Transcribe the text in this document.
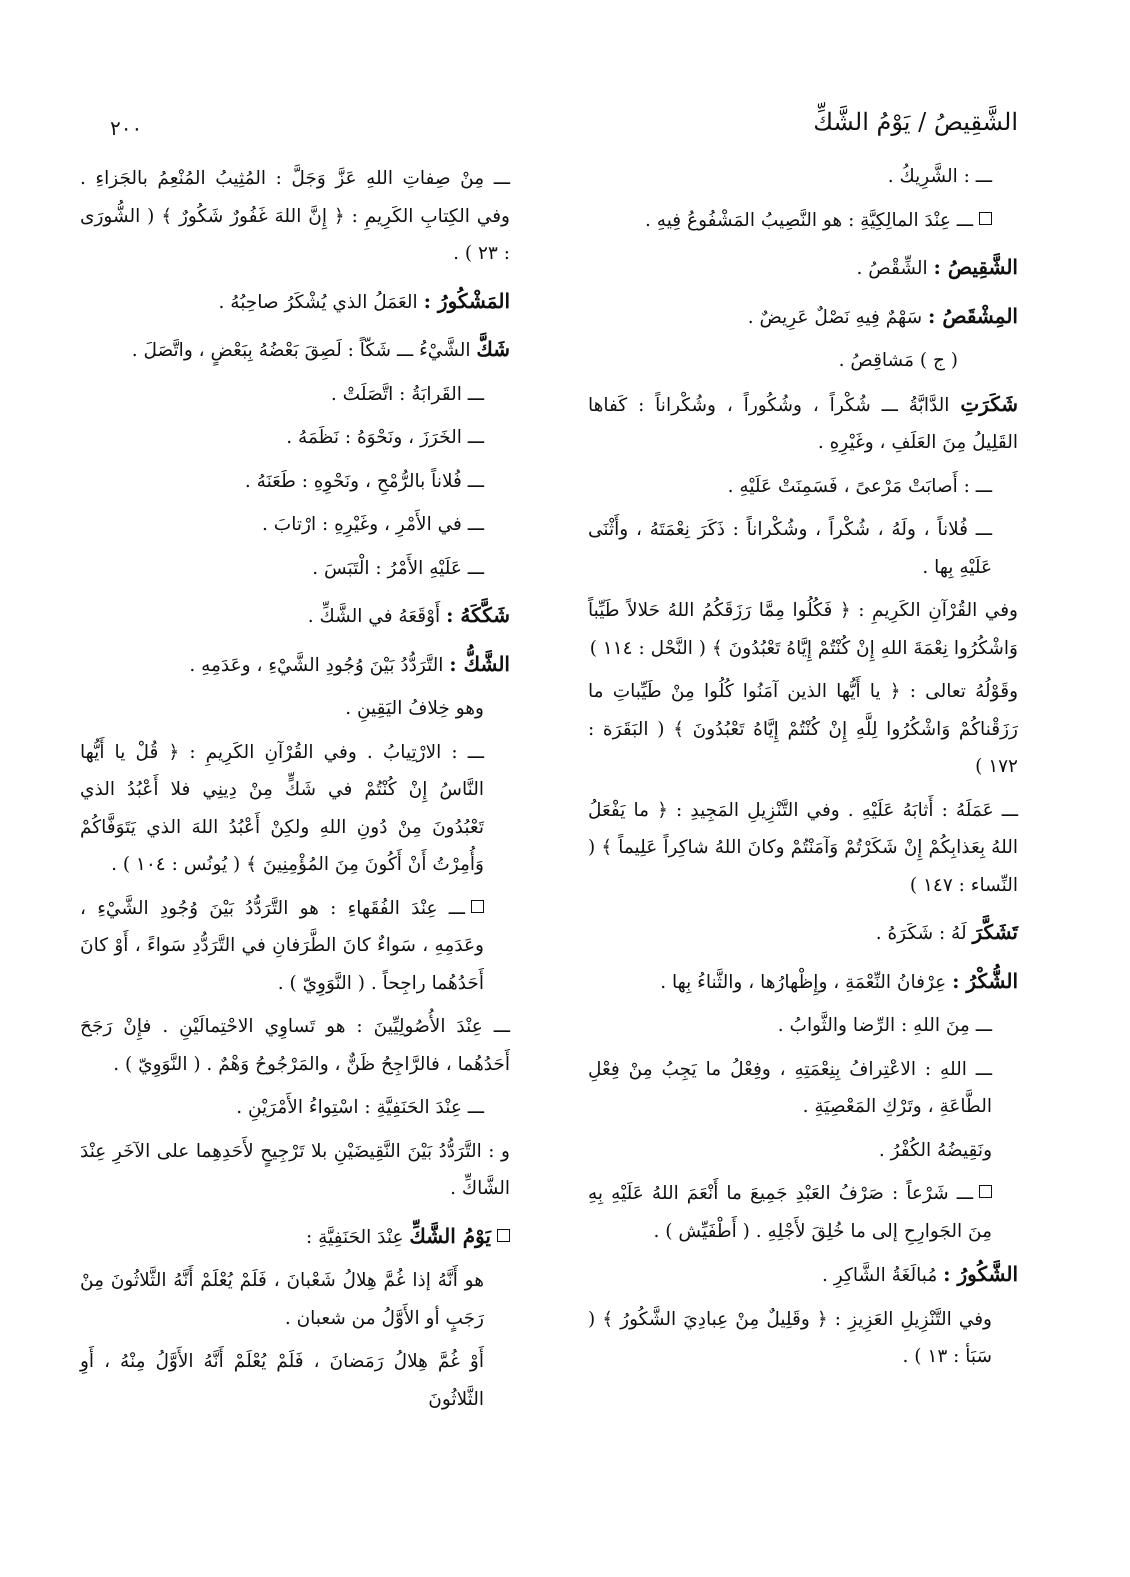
٢٠٠	الشَّقِيصُ / يَوْمُ الشَّكِّ

ـــ : الشَّرِيكُ .

ـــ عِنْدَ المالِكِيَّةِ : هو النَّصِيبُ المَشْفُوعُ فِيهِ .

الشَّقِيصُ : الشِّقْصُ .

المِشْقَصُ : سَهْمٌ فِيهِ نَصْلٌ عَرِيضٌ .

( ج ) مَشاقِصُ .

شَكَرَتِ الدَّابَّةُ ـــ شُكْراً ، وشُكُوراً ، وشُكْراناً : كَفاها القَلِيلُ مِنَ العَلَفِ ، وغَيْرِهِ .

ـــ : أَصابَتْ مَرْعىً ، فَسَمِنَتْ عَلَيْهِ .

ـــ فُلاناً ، ولَهُ ، شُكْراً ، وشُكْراناً : ذَكَرَ نِعْمَتَهُ ، وأَثْنَى عَلَيْهِ بِها .

وفي القُرْآنِ الكَرِيمِ : ﴿ فَكُلُوا مِمَّا رَزَقَكُمُ اللهُ حَلالاً طَيِّباً وَاشْكُرُوا نِعْمَةَ اللهِ إِنْ كُنْتُمْ إِيَّاهُ تَعْبُدُونَ ﴾ ( النَّحْل : ١١٤ )

وقَوْلُهُ تعالى : ﴿ يا أَيُّها الذين آمَنُوا كُلُوا مِنْ طَيِّباتِ ما رَزَقْناكُمْ وَاشْكُرُوا لِلَّهِ إِنْ كُنْتُمْ إِيَّاهُ تَعْبُدُونَ ﴾ ( البَقَرَة : ١٧٢ )

ـــ عَمَلَهُ : أَثابَهُ عَلَيْهِ . وفي التَّنْزِيلِ المَجِيدِ : ﴿ ما يَفْعَلُ اللهُ بِعَذابِكُمْ إِنْ شَكَرْتُمْ وَآمَنْتُمْ وكانَ اللهُ شاكِراً عَلِيماً ﴾ ( النِّساء : ١٤٧ )

تَشَكَّرَ لَهُ : شَكَرَهُ .

الشُّكْرُ : عِرْفانُ النِّعْمَةِ ، وإِظْهارُها ، والثَّناءُ بِها .

ـــ مِنَ اللهِ : الرِّضا والثَّوابُ .

ـــ اللهِ : الاعْتِرافُ بِنِعْمَتِهِ ، وفِعْلُ ما يَجِبُ مِنْ فِعْلِ الطَّاعَةِ ، وتَرْكِ المَعْصِيَةِ .

ونَقِيضُهُ الكُفْرُ .

ـــ شَرْعاً : صَرْفُ العَبْدِ جَمِيعَ ما أَنْعَمَ اللهُ عَلَيْهِ بِهِ مِنَ الجَوارِحِ إلى ما خُلِقَ لأَجْلِهِ . ( أَطْفَيِّش ) .

الشَّكُورُ : مُبالَغَةُ الشَّاكِرِ .

وفي التَّنْزِيلِ العَزِيزِ : ﴿ وقَلِيلٌ مِنْ عِبادِيَ الشَّكُورُ ﴾ ( سَبَأ : ١٣ ) .

ـــ مِنْ صِفاتِ اللهِ عَزَّ وَجَلَّ : المُثِيبُ المُنْعِمُ بالجَزاءِ . وفي الكِتابِ الكَرِيمِ : ﴿ إِنَّ اللهَ غَفُورٌ شَكُورٌ ﴾ ( الشُّورَى : ٢٣ ) .

المَشْكُورُ : العَمَلُ الذي يُشْكَرُ صاحِبُهُ .

شَكَّ الشَّيْءُ ـــ شَكّاً : لَصِقَ بَعْضُهُ بِبَعْضٍ ، واتَّصَلَ .

ـــ القَرابَةُ : اتَّصَلَتْ .

ـــ الخَرَزَ ، ونَحْوَهُ : نَظَمَهُ .

ـــ فُلاناً بالرُّمْحِ ، ونَحْوِهِ : طَعَنَهُ .

ـــ في الأَمْرِ ، وغَيْرِهِ : ارْتابَ .

ـــ عَلَيْهِ الأَمْرُ : الْتَبَسَ .

شَكَّكَهُ : أَوْقَعَهُ في الشَّكِّ .

الشَّكُّ : التَّرَدُّدُ بَيْنَ وُجُودِ الشَّيْءِ ، وعَدَمِهِ .

وهو خِلافُ اليَقِينِ .

ـــ : الارْتِيابُ . وفي القُرْآنِ الكَرِيمِ : ﴿ قُلْ يا أَيُّها النَّاسُ إِنْ كُنْتُمْ في شَكٍّ مِنْ دِينِي فلا أَعْبُدُ الذي تَعْبُدُونَ مِنْ دُونِ اللهِ ولكِنْ أَعْبُدُ اللهَ الذي يَتَوَفَّاكُمْ وَأُمِرْتُ أَنْ أَكُونَ مِنَ المُؤْمِنِينَ ﴾ ( يُونُس : ١٠٤ ) .

ـــ عِنْدَ الفُقَهاءِ : هو التَّرَدُّدُ بَيْنَ وُجُودِ الشَّيْءِ ، وعَدَمِهِ ، سَواءٌ كانَ الطَّرَفانِ في التَّرَدُّدِ سَواءً ، أَوْ كانَ أَحَدُهُما راجِحاً . ( النَّوَوِيّ ) .

ـــ عِنْدَ الأُصُولِيِّينَ : هو تَساوِي الاحْتِمالَيْنِ . فإِنْ رَجَحَ أَحَدُهُما ، فالرَّاجِحُ ظَنٌّ ، والمَرْجُوحُ وَهْمٌ . ( النَّوَوِيّ ) .

ـــ عِنْدَ الحَنَفِيَّةِ : اسْتِواءُ الأَمْرَيْنِ .

و : التَّرَدُّدُ بَيْنَ النَّقِيضَيْنِ بلا تَرْجِيحٍ لأَحَدِهِما على الآخَرِ عِنْدَ الشَّاكِّ .

يَوْمُ الشَّكِّ عِنْدَ الحَنَفِيَّةِ :

هو أَنَّهُ إذا غُمَّ هِلالُ شَعْبانَ ، فَلَمْ يُعْلَمْ أَنَّهُ الثَّلاثُونَ مِنْ رَجَبٍ أو الأَوَّلُ من شعبان .

أَوْ غُمَّ هِلالُ رَمَضانَ ، فَلَمْ يُعْلَمْ أَنَّهُ الأَوَّلُ مِنْهُ ، أَوِ الثَّلاثُونَ
